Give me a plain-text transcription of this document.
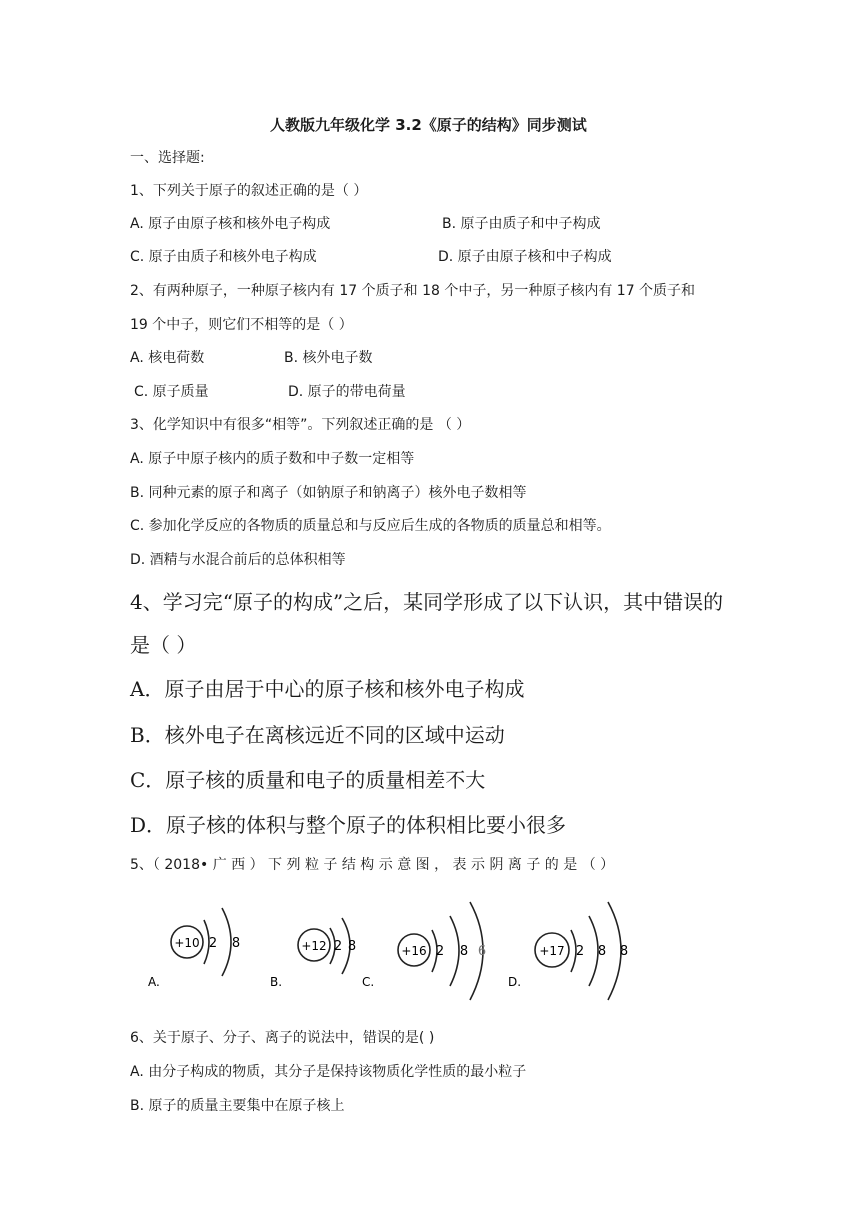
人教版九年级化学 3.2《原子的结构》同步测试
一、选择题:
1、下列关于原子的叙述正确的是（ ）
A. 原子由原子核和核外电子构成	B. 原子由质子和中子构成
C. 原子由质子和核外电子构成	D. 原子由原子核和中子构成
2、有两种原子，一种原子核内有 17 个质子和 18 个中子，另一种原子核内有 17 个质子和
19 个中子，则它们不相等的是（ ）
A. 核电荷数	B. 核外电子数
C. 原子质量	D. 原子的带电荷量
3、化学知识中有很多“相等”。下列叙述正确的是 （ ）
A. 原子中原子核内的质子数和中子数一定相等
B. 同种元素的原子和离子（如钠原子和钠离子）核外电子数相等
C. 参加化学反应的各物质的质量总和与反应后生成的各物质的质量总和相等。
D. 酒精与水混合前后的总体积相等
4、学习完“原子的构成”之后，某同学形成了以下认识，其中错误的
是（ ）
A．原子由居于中心的原子核和核外电子构成
B．核外电子在离核远近不同的区域中运动
C．原子核的质量和电子的质量相差不大
D．原子核的体积与整个原子的体积相比要小很多
5、（ 2018• 广 西 ） 下 列 粒 子 结 构 示 意 图 ， 表 示 阴 离 子 的 是 （ ）
+10 2 8
A.
+12 2 8
B.
+16 2 8 6
C.
+17 2 8 8
D.
6、关于原子、分子、离子的说法中，错误的是( )
A. 由分子构成的物质，其分子是保持该物质化学性质的最小粒子
B. 原子的质量主要集中在原子核上
